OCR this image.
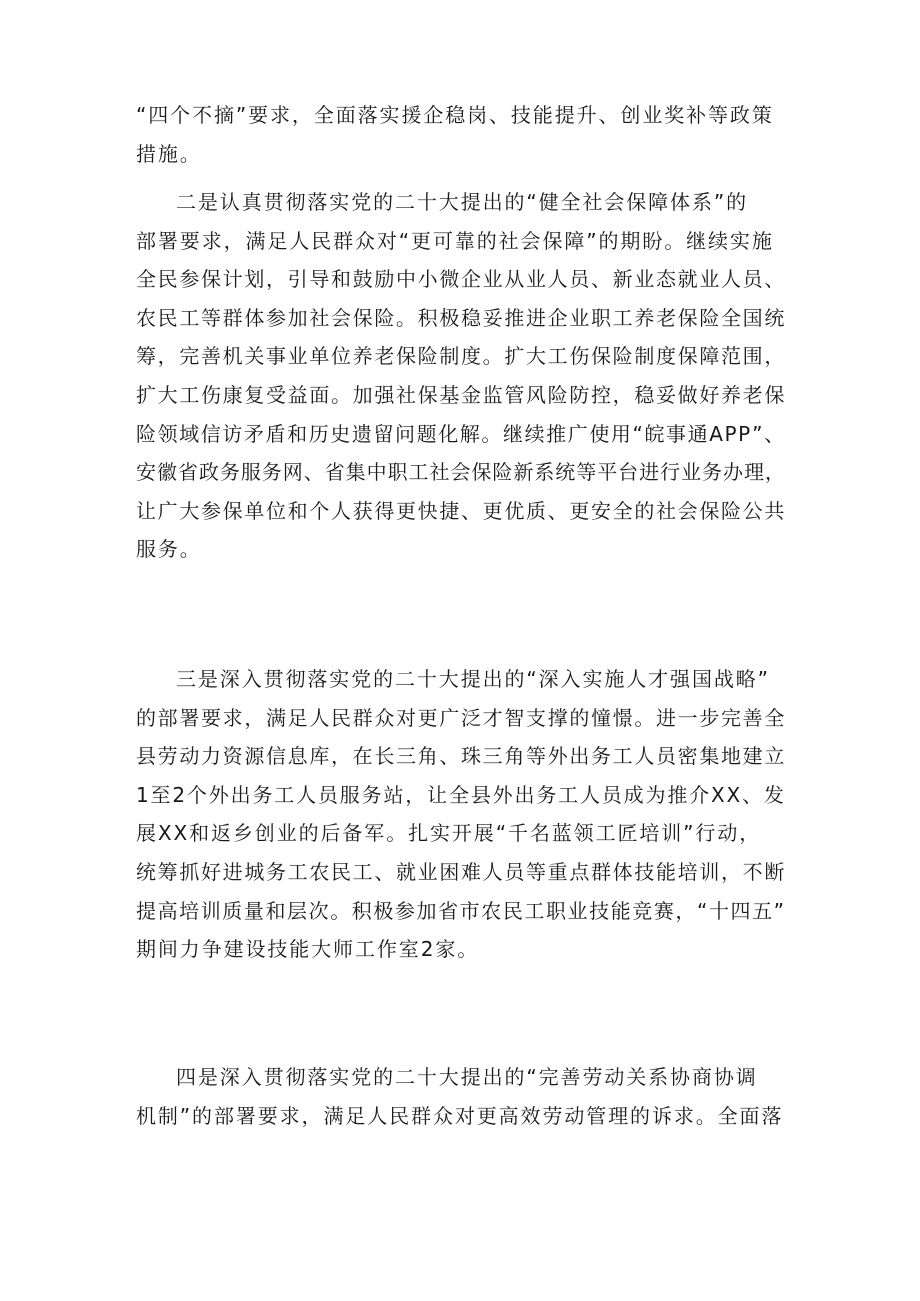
“四个不摘”要求，全面落实援企稳岗、技能提升、创业奖补等政策
措施。
二是认真贯彻落实党的二十大提出的“健全社会保障体系”的
部署要求，满足人民群众对“更可靠的社会保障”的期盼。继续实施
全民参保计划，引导和鼓励中小微企业从业人员、新业态就业人员、
农民工等群体参加社会保险。积极稳妥推进企业职工养老保险全国统
筹，完善机关事业单位养老保险制度。扩大工伤保险制度保障范围，
扩大工伤康复受益面。加强社保基金监管风险防控，稳妥做好养老保
险领域信访矛盾和历史遗留问题化解。继续推广使用“皖事通APP”、
安徽省政务服务网、省集中职工社会保险新系统等平台进行业务办理，
让广大参保单位和个人获得更快捷、更优质、更安全的社会保险公共
服务。
三是深入贯彻落实党的二十大提出的“深入实施人才强国战略”
的部署要求，满足人民群众对更广泛才智支撑的憧憬。进一步完善全
县劳动力资源信息库，在长三角、珠三角等外出务工人员密集地建立
1至2个外出务工人员服务站，让全县外出务工人员成为推介XX、发
展XX和返乡创业的后备军。扎实开展“千名蓝领工匠培训”行动，
统筹抓好进城务工农民工、就业困难人员等重点群体技能培训，不断
提高培训质量和层次。积极参加省市农民工职业技能竞赛，“十四五”
期间力争建设技能大师工作室2家。
四是深入贯彻落实党的二十大提出的“完善劳动关系协商协调
机制”的部署要求，满足人民群众对更高效劳动管理的诉求。全面落
